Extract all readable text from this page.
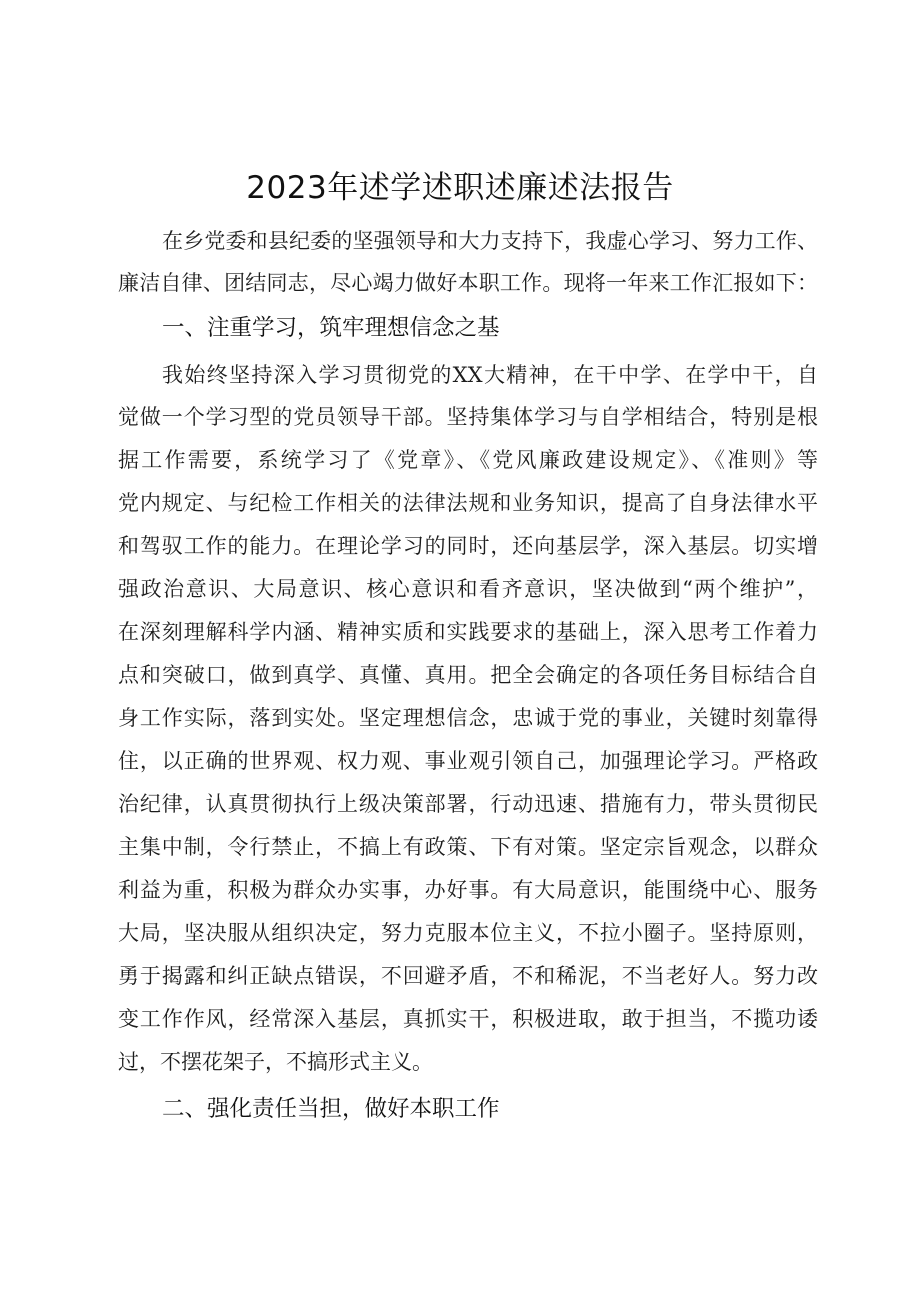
2023年述学述职述廉述法报告

在乡党委和县纪委的坚强领导和大力支持下，我虚心学习、努力工作、

廉洁自律、团结同志，尽心竭力做好本职工作。现将一年来工作汇报如下：

一、注重学习，筑牢理想信念之基

我始终坚持深入学习贯彻党的XX大精神，在干中学、在学中干，自

觉做一个学习型的党员领导干部。坚持集体学习与自学相结合，特别是根

据工作需要，系统学习了《党章》、《党风廉政建设规定》、《准则》等

党内规定、与纪检工作相关的法律法规和业务知识，提高了自身法律水平

和驾驭工作的能力。在理论学习的同时，还向基层学，深入基层。切实增

强政治意识、大局意识、核心意识和看齐意识，坚决做到“两个维护”，

在深刻理解科学内涵、精神实质和实践要求的基础上，深入思考工作着力

点和突破口，做到真学、真懂、真用。把全会确定的各项任务目标结合自

身工作实际，落到实处。坚定理想信念，忠诚于党的事业，关键时刻靠得

住，以正确的世界观、权力观、事业观引领自己，加强理论学习。严格政

治纪律，认真贯彻执行上级决策部署，行动迅速、措施有力，带头贯彻民

主集中制，令行禁止，不搞上有政策、下有对策。坚定宗旨观念，以群众

利益为重，积极为群众办实事，办好事。有大局意识，能围绕中心、服务

大局，坚决服从组织决定，努力克服本位主义，不拉小圈子。坚持原则，

勇于揭露和纠正缺点错误，不回避矛盾，不和稀泥，不当老好人。努力改

变工作作风，经常深入基层，真抓实干，积极进取，敢于担当，不揽功诿

过，不摆花架子，不搞形式主义。

二、强化责任当担，做好本职工作
